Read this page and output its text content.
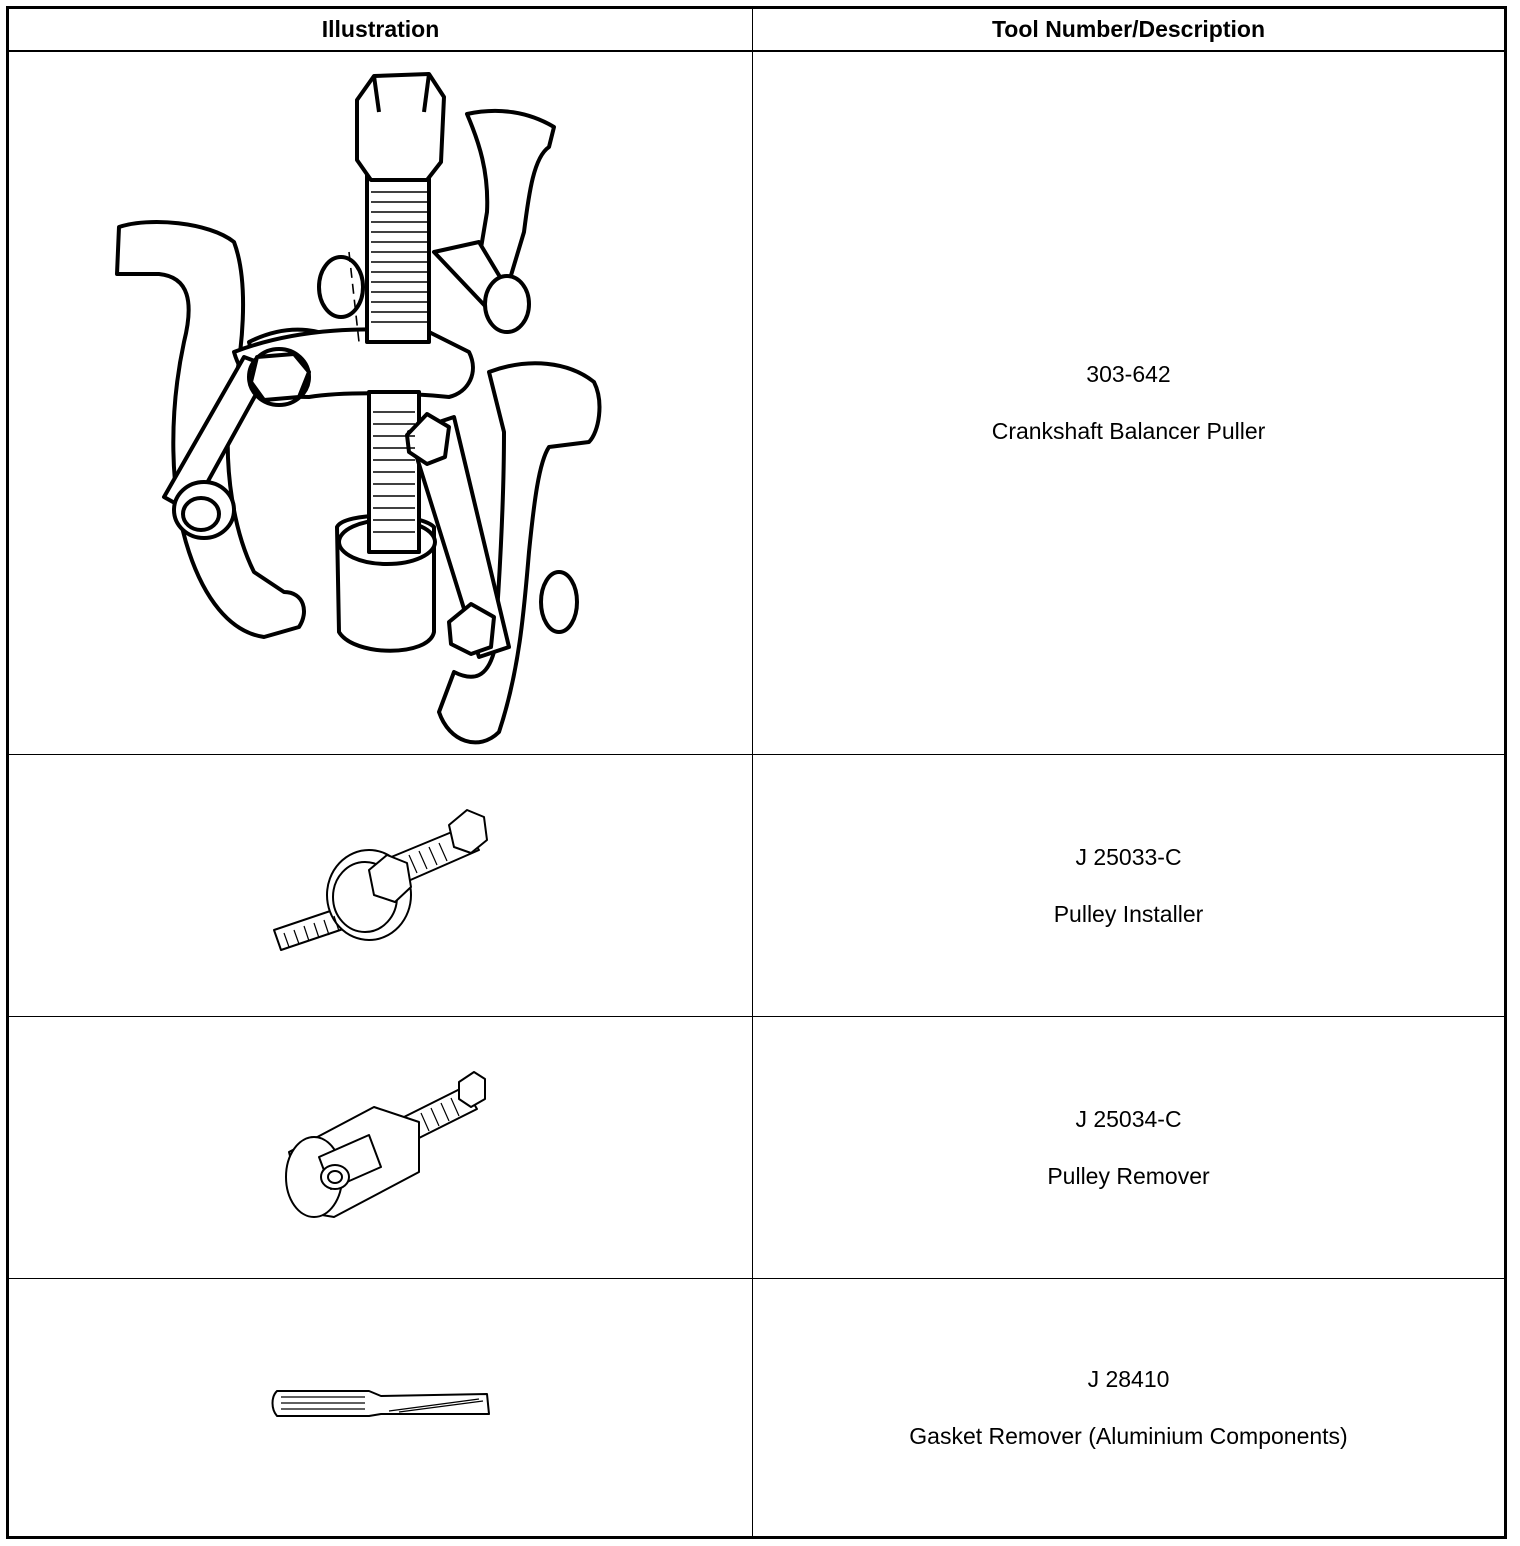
Illustration	Tool Number/Description
303-642
Crankshaft Balancer Puller
J 25033-C
Pulley Installer
J 25034-C
Pulley Remover
J 28410
Gasket Remover (Aluminium Components)
